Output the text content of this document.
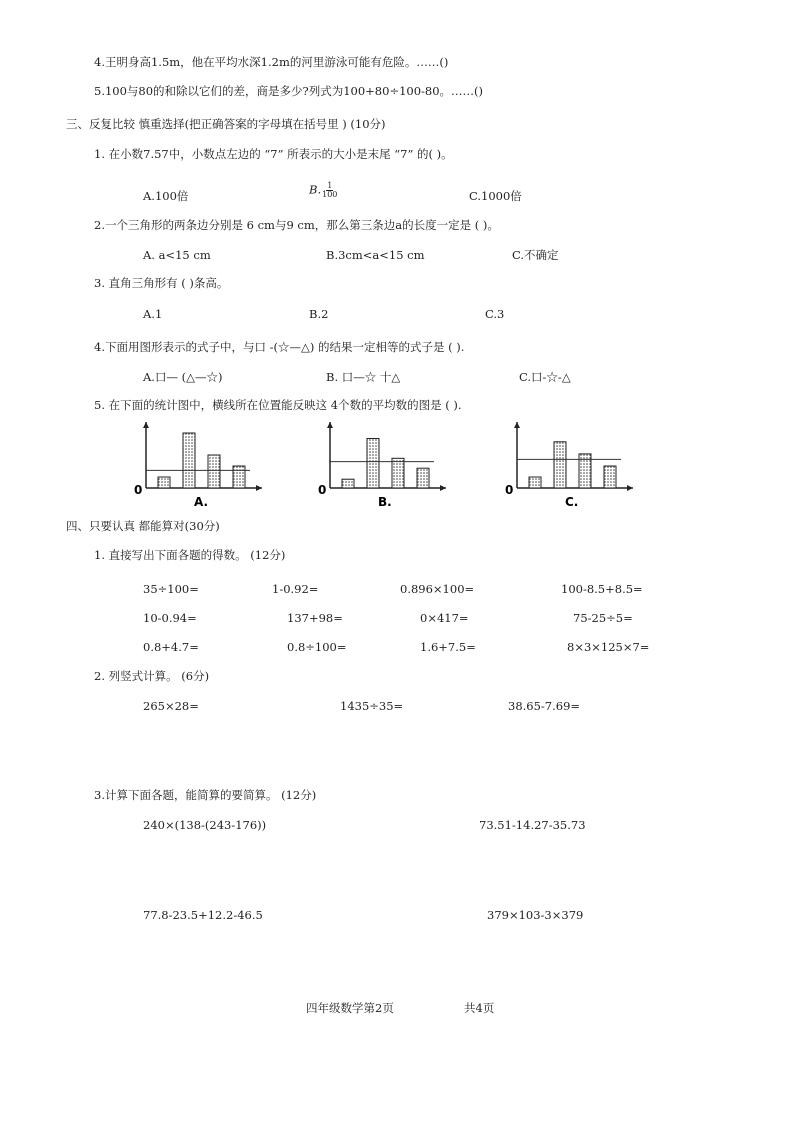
4.王明身高1.5m，他在平均水深1.2m的河里游泳可能有危险。……()
5.100与80的和除以它们的差，商是多少?列式为100+80÷100-80。……()
三、反复比较 慎重选择(把正确答案的字母填在括号里 ) (10分)
1. 在小数7.57中，小数点左边的 “7” 所表示的大小是末尾 “7” 的( )。
A.100倍	B. $\frac{1}{100}$	C.1000倍
2.一个三角形的两条边分别是 6 cm与9 cm，那么第三条边a的长度一定是 ( )。
A. a<15 cm	B.3cm<a<15 cm	C.不确定
3. 直角三角形有 ( )条高。
A.1	B.2	C.3
4.下面用图形表示的式子中，与口 -(☆—△) 的结果一定相等的式子是 ( ).
A.口— (△—☆)	B. 口—☆ 十△	C.口-☆-△
5. 在下面的统计图中，横线所在位置能反映这 4个数的平均数的图是 ( ).
0
A.
0
B.
0
C.
四、只要认真 都能算对(30分)
1. 直接写出下面各题的得数。 (12分)
35÷100=	1-0.92=	0.896×100=	100-8.5+8.5=
10-0.94=	137+98=	0×417=	75-25÷5=
0.8+4.7=	0.8÷100=	1.6+7.5=	8×3×125×7=
2. 列竖式计算。 (6分)
265×28=	1435÷35=	38.65-7.69=
3.计算下面各题，能简算的要简算。 (12分)
240×(138-(243-176))	73.51-14.27-35.73
77.8-23.5+12.2-46.5	379×103-3×379
四年级数学第2页	共4页
